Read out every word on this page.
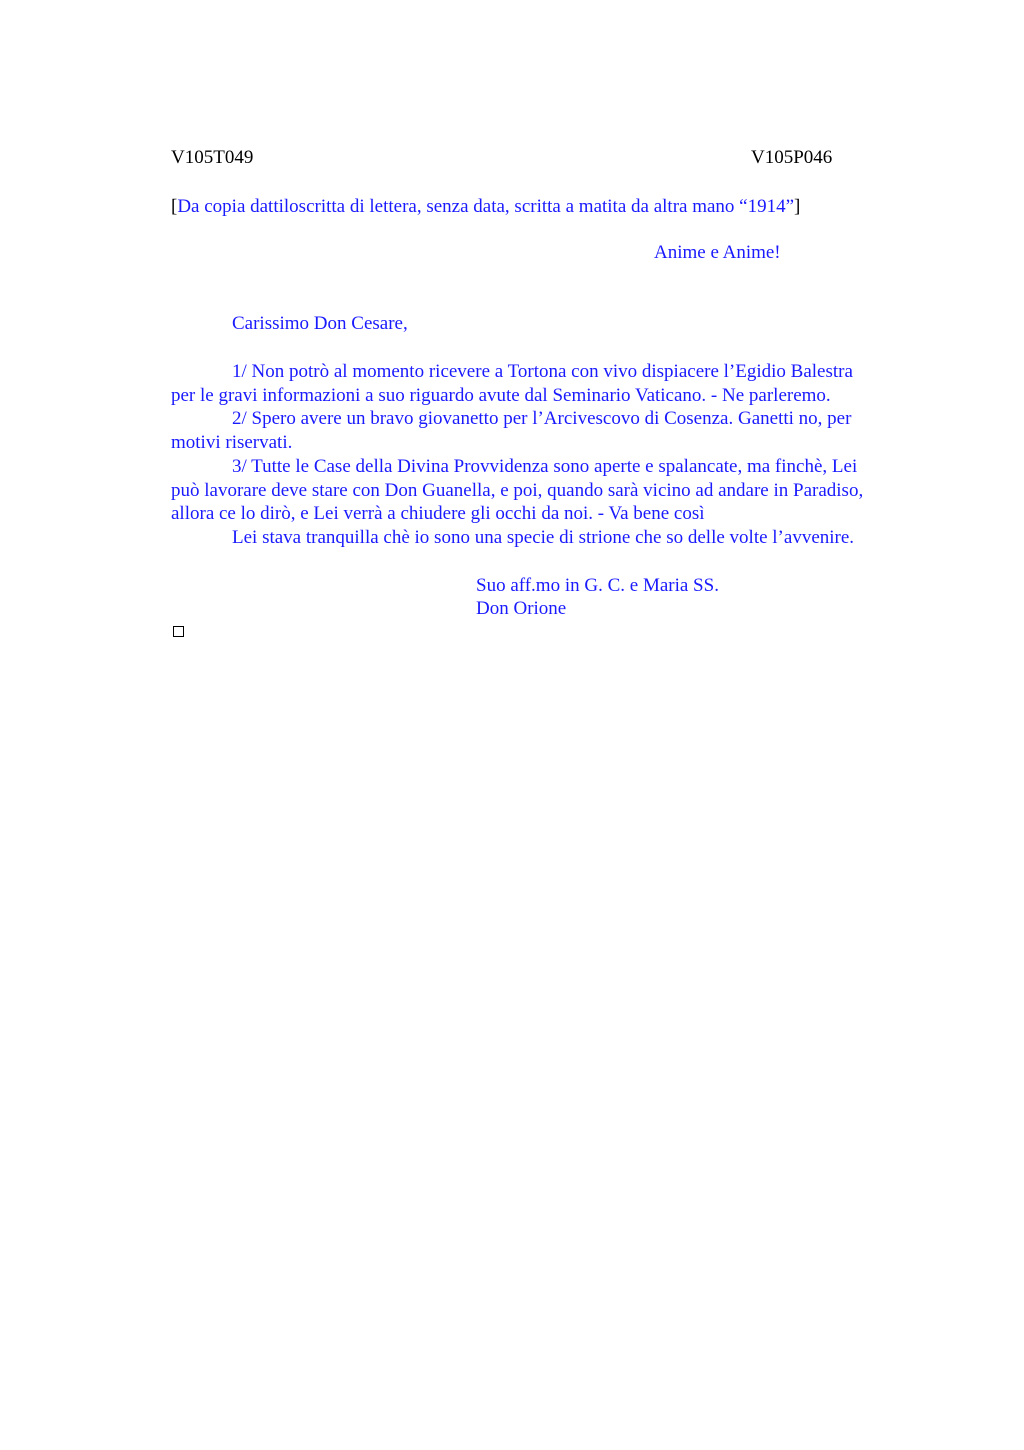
V105T049	V105P046
[Da copia dattiloscritta di lettera, senza data, scritta a matita da altra mano “1914”]
Anime e Anime!
Carissimo Don Cesare,
1/ Non potrò al momento ricevere a Tortona con vivo dispiacere l’Egidio Balestra
per le gravi informazioni a suo riguardo avute dal Seminario Vaticano. - Ne parleremo.
2/ Spero avere un bravo giovanetto per l’Arcivescovo di Cosenza. Ganetti no, per
motivi riservati.
3/ Tutte le Case della Divina Provvidenza sono aperte e spalancate, ma finchè, Lei
può lavorare deve stare con Don Guanella, e poi, quando sarà vicino ad andare in Paradiso,
allora ce lo dirò, e Lei verrà a chiudere gli occhi da noi. - Va bene così
Lei stava tranquilla chè io sono una specie di strione che so delle volte l’avvenire.
Suo aff.mo in G. C. e Maria SS.
Don Orione
